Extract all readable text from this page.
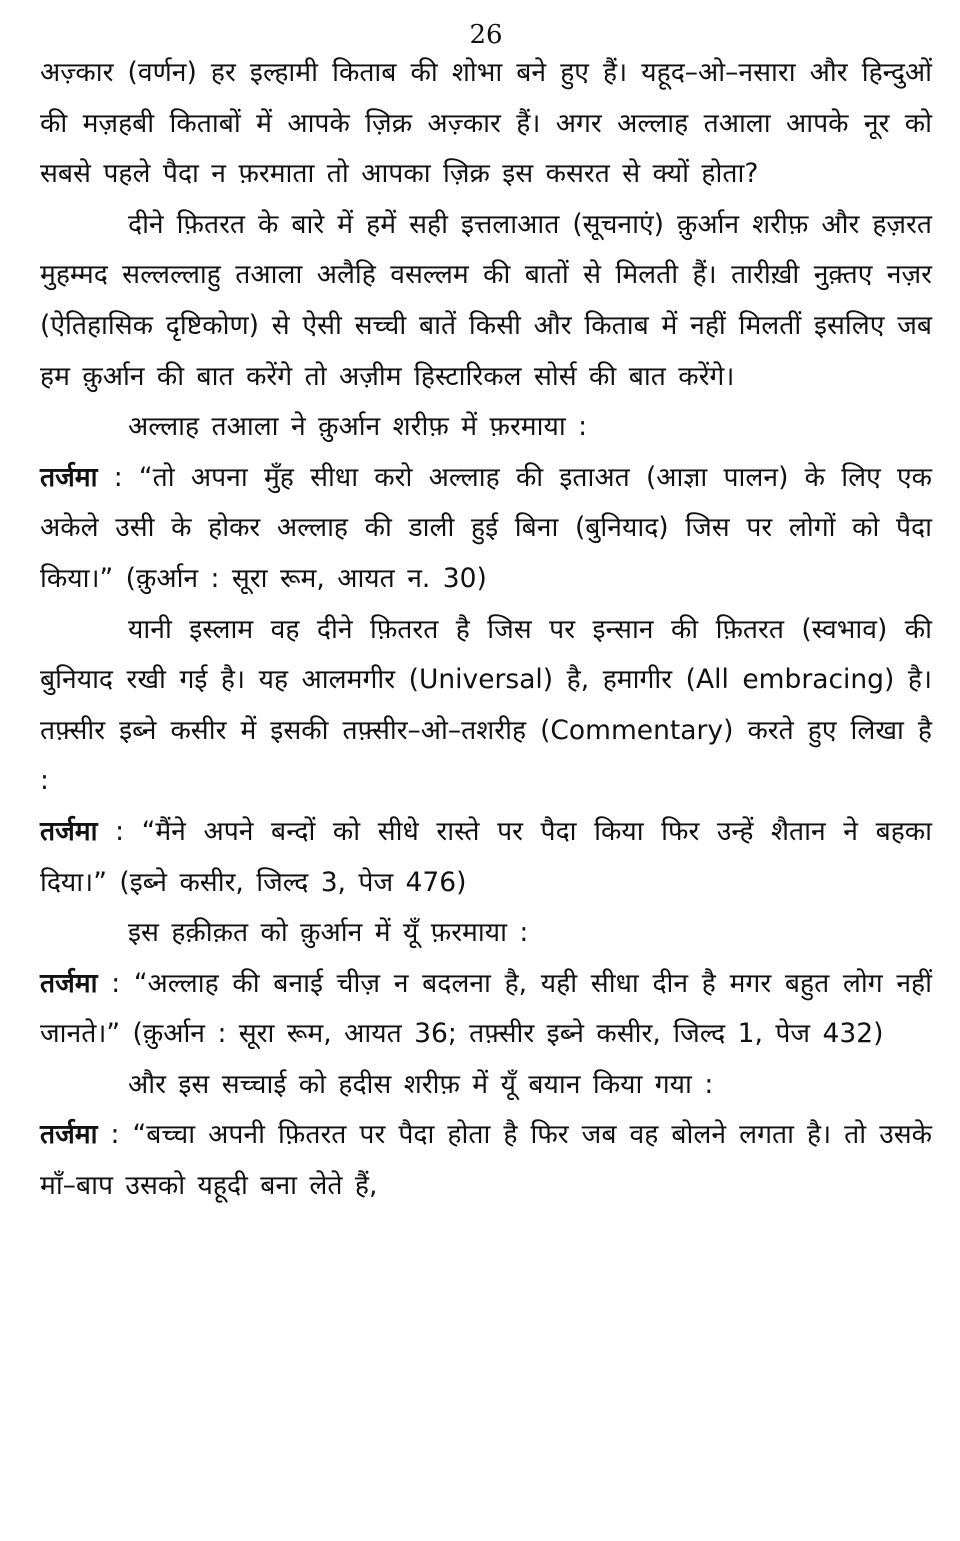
26

अज़्कार (वर्णन) हर इल्हामी किताब की शोभा बने हुए हैं। यहूद–ओ–नसारा और हिन्दुओं की मज़हबी किताबों में आपके ज़िक्र अज़्कार हैं। अगर अल्लाह तआला आपके नूर को सबसे पहले पैदा न फ़रमाता तो आपका ज़िक्र इस कसरत से क्यों होता?

दीने फ़ितरत के बारे में हमें सही इत्तलाआत (सूचनाएं) क़ुर्आन शरीफ़ और हज़रत मुहम्मद सल्लल्लाहु तआला अलैहि वसल्लम की बातों से मिलती हैं। तारीख़ी नुक़्तए नज़र (ऐतिहासिक दृष्टिकोण) से ऐसी सच्ची बातें किसी और किताब में नहीं मिलतीं इसलिए जब हम क़ुर्आन की बात करेंगे तो अज़ीम हिस्टारिकल सोर्स की बात करेंगे।

अल्लाह तआला ने क़ुर्आन शरीफ़ में फ़रमाया :

तर्जमा : “तो अपना मुँह सीधा करो अल्लाह की इताअत (आज्ञा पालन) के लिए एक अकेले उसी के होकर अल्लाह की डाली हुई बिना (बुनियाद) जिस पर लोगों को पैदा किया।” (क़ुर्आन : सूरा रूम, आयत न. 30)

यानी इस्लाम वह दीने फ़ितरत है जिस पर इन्सान की फ़ितरत (स्वभाव) की बुनियाद रखी गई है। यह आलमगीर (Universal) है, हमागीर (All embracing) है। तफ़्सीर इब्ने कसीर में इसकी तफ़्सीर–ओ–तशरीह (Commentary) करते हुए लिखा है :

तर्जमा : “मैंने अपने बन्दों को सीधे रास्ते पर पैदा किया फिर उन्हें शैतान ने बहका दिया।” (इब्ने कसीर, जिल्द 3, पेज 476)

इस हक़ीक़त को क़ुर्आन में यूँ फ़रमाया :

तर्जमा : “अल्लाह की बनाई चीज़ न बदलना है, यही सीधा दीन है मगर बहुत लोग नहीं जानते।” (क़ुर्आन : सूरा रूम, आयत 36; तफ़्सीर इब्ने कसीर, जिल्द 1, पेज 432)

और इस सच्चाई को हदीस शरीफ़ में यूँ बयान किया गया :

तर्जमा : “बच्चा अपनी फ़ितरत पर पैदा होता है फिर जब वह बोलने लगता है। तो उसके माँ–बाप उसको यहूदी बना लेते हैं,
